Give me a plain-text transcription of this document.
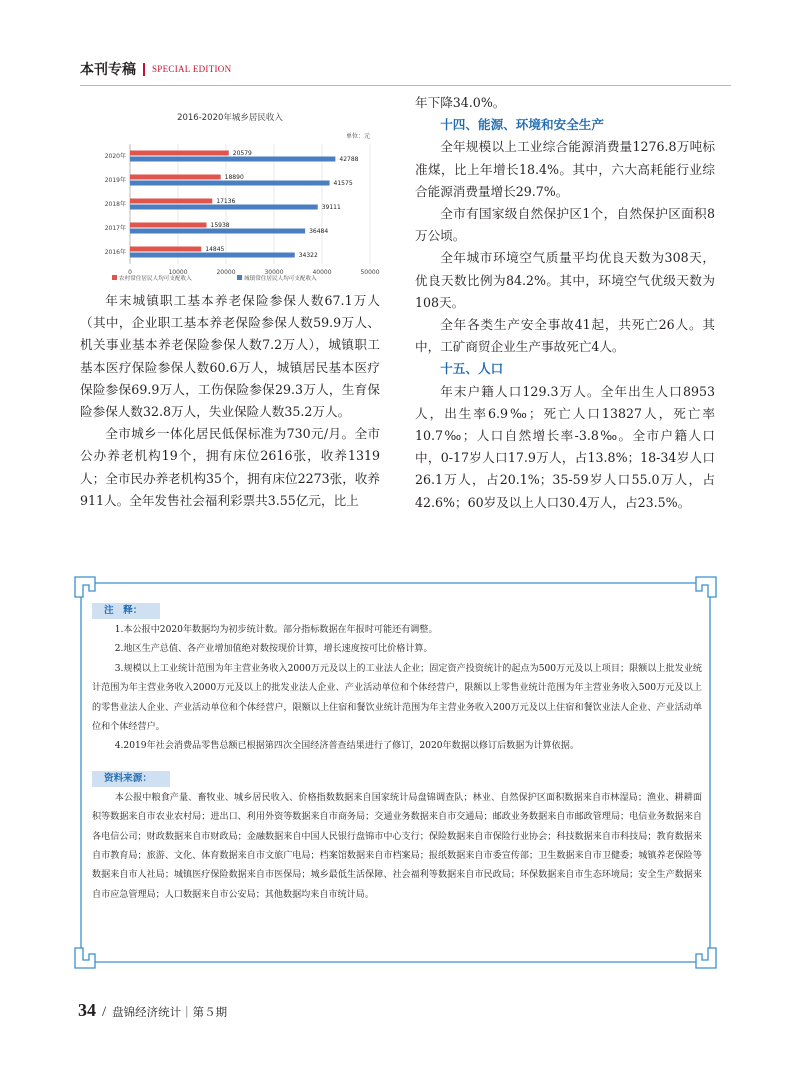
本刊专稿 SPECIAL EDITION
2016-2020年城乡居民收入
单位：元
0	10000	20000	30000	40000	50000
2020年	20579
42788
2019年	18890
41575
2018年	17136
39111
2017年	15938
36484
2016年	14845
34322
农村常住居民人均可支配收入	城镇常住居民人均可支配收入

年末城镇职工基本养老保险参保人数67.1万人（其中，企业职工基本养老保险参保人数59.9万人、机关事业基本养老保险参保人数7.2万人），城镇职工基本医疗保险参保人数60.6万人，城镇居民基本医疗保险参保69.9万人，工伤保险参保29.3万人，生育保险参保人数32.8万人，失业保险人数35.2万人。

全市城乡一体化居民低保标准为730元/月。全市公办养老机构19个，拥有床位2616张，收养1319人；全市民办养老机构35个，拥有床位2273张，收养911人。全年发售社会福利彩票共3.55亿元，比上

年下降34.0%。

十四、能源、环境和安全生产

全年规模以上工业综合能源消费量1276.8万吨标准煤，比上年增长18.4%。其中，六大高耗能行业综合能源消费量增长29.7%。

全市有国家级自然保护区1个，自然保护区面积8万公顷。

全年城市环境空气质量平均优良天数为308天，优良天数比例为84.2%。其中，环境空气优级天数为108天。

全年各类生产安全事故41起，共死亡26人。其中，工矿商贸企业生产事故死亡4人。

十五、人口

年末户籍人口129.3万人。全年出生人口8953人，出生率6.9‰；死亡人口13827人，死亡率10.7‰；人口自然增长率-3.8‰。全市户籍人口中，0-17岁人口17.9万人，占13.8%；18-34岁人口26.1万人，占20.1%；35-59岁人口55.0万人，占42.6%；60岁及以上人口30.4万人，占23.5%。

注　释：

1.本公报中2020年数据均为初步统计数。部分指标数据在年报时可能还有调整。

2.地区生产总值、各产业增加值绝对数按现价计算，增长速度按可比价格计算。

3.规模以上工业统计范围为年主营业务收入2000万元及以上的工业法人企业；固定资产投资统计的起点为500万元及以上项目；限额以上批发业统计范围为年主营业务收入2000万元及以上的批发业法人企业、产业活动单位和个体经营户，限额以上零售业统计范围为年主营业务收入500万元及以上的零售业法人企业、产业活动单位和个体经营户，限额以上住宿和餐饮业统计范围为年主营业务收入200万元及以上住宿和餐饮业法人企业、产业活动单位和个体经营户。

4.2019年社会消费品零售总额已根据第四次全国经济普查结果进行了修订，2020年数据以修订后数据为计算依据。

资料来源：

本公报中粮食产量、畜牧业、城乡居民收入、价格指数数据来自国家统计局盘锦调查队；林业、自然保护区面积数据来自市林湿局；渔业、耕耕面积等数据来自市农业农村局；进出口、利用外资等数据来自市商务局；交通业务数据来自市交通局；邮政业务数据来自市邮政管理局；电信业务数据来自各电信公司；财政数据来自市财政局；金融数据来自中国人民银行盘锦市中心支行；保险数据来自市保险行业协会；科技数据来自市科技局；教育数据来自市教育局；旅游、文化、体育数据来自市文旅广电局；档案馆数据来自市档案局；报纸数据来自市委宣传部；卫生数据来自市卫健委；城镇养老保险等数据来自市人社局；城镇医疗保险数据来自市医保局；城乡最低生活保障、社会福利等数据来自市民政局；环保数据来自市生态环境局；安全生产数据来自市应急管理局；人口数据来自市公安局；其他数据均来自市统计局。

34 / 盘锦经济统计｜第５期
